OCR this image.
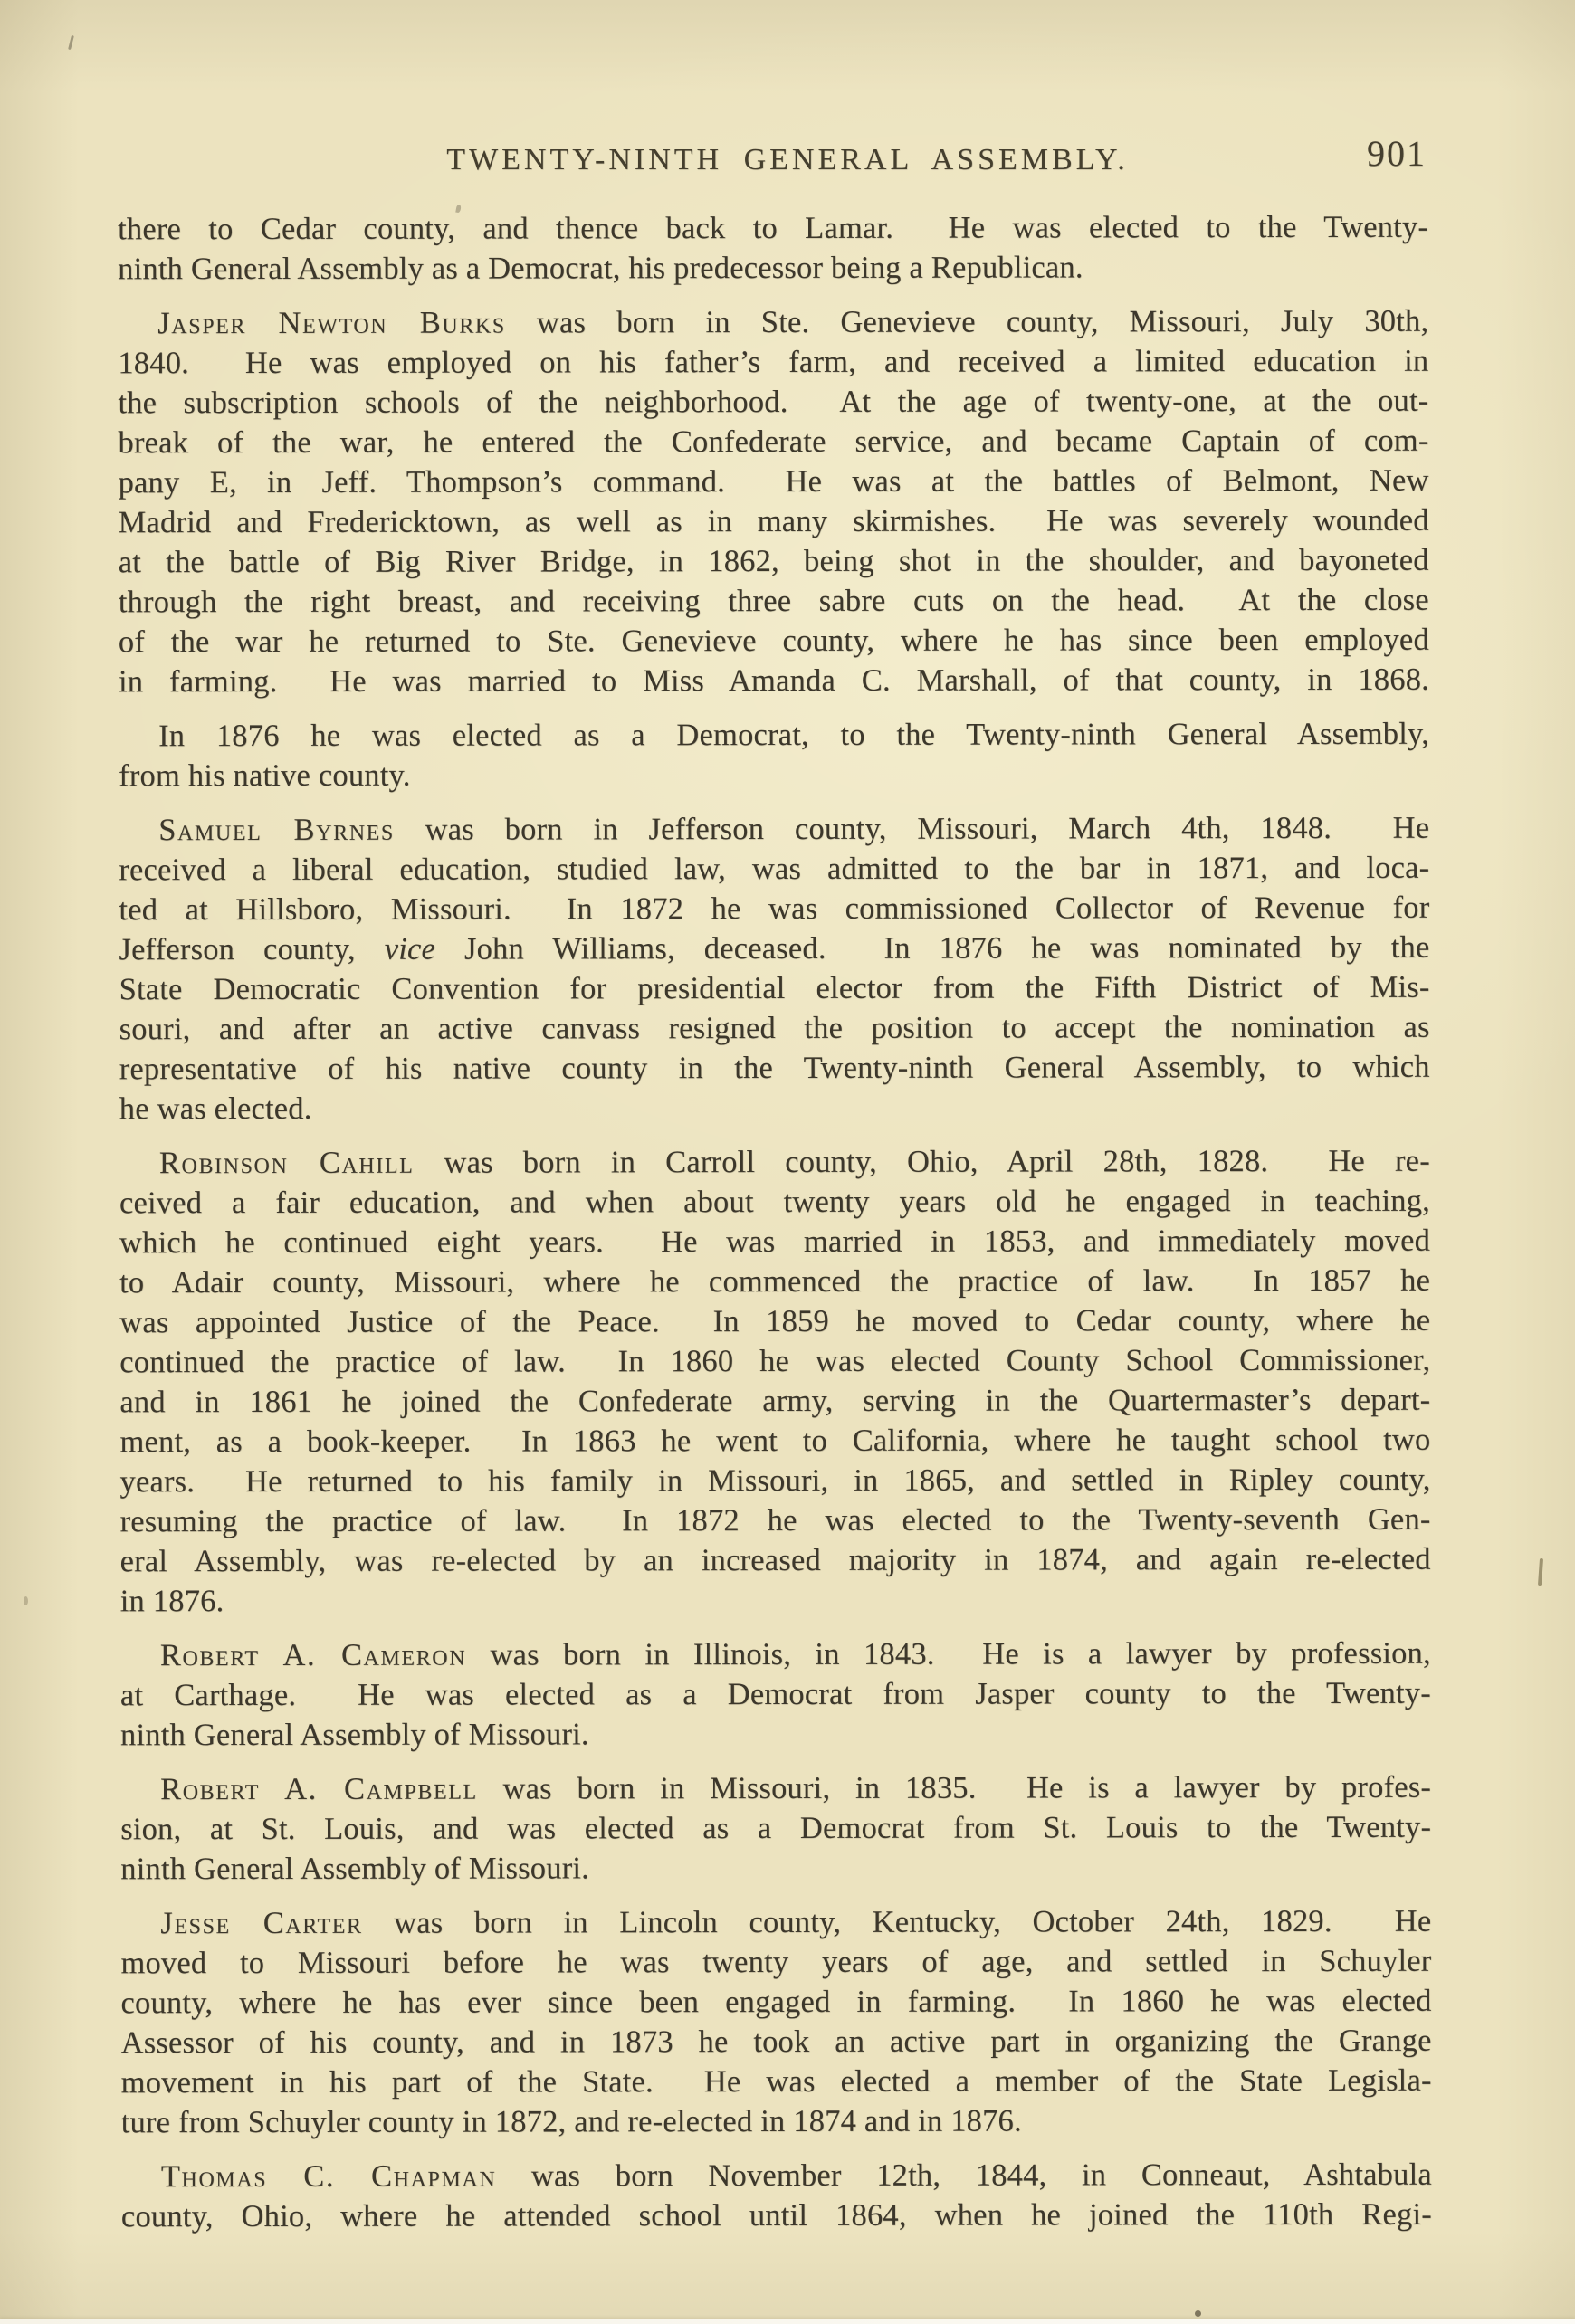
TWENTY-NINTH GENERAL ASSEMBLY.	901
there to Cedar county, and thence back to Lamar.  He was elected to the Twenty-
ninth General Assembly as a Democrat, his predecessor being a Republican.
Jasper Newton Burks was born in Ste. Genevieve county, Missouri, July 30th,
1840.  He was employed on his father’s farm, and received a limited education in
the subscription schools of the neighborhood.  At the age of twenty-one, at the out-
break of the war, he entered the Confederate service, and became Captain of com-
pany E, in Jeff. Thompson’s command.  He was at the battles of Belmont, New
Madrid and Fredericktown, as well as in many skirmishes.  He was severely wounded
at the battle of Big River Bridge, in 1862, being shot in the shoulder, and bayoneted
through the right breast, and receiving three sabre cuts on the head.  At the close
of the war he returned to Ste. Genevieve county, where he has since been employed
in farming.  He was married to Miss Amanda C. Marshall, of that county, in 1868.
In 1876 he was elected as a Democrat, to the Twenty-ninth General Assembly,
from his native county.
Samuel Byrnes was born in Jefferson county, Missouri, March 4th, 1848.  He
received a liberal education, studied law, was admitted to the bar in 1871, and loca-
ted at Hillsboro, Missouri.  In 1872 he was commissioned Collector of Revenue for
Jefferson county, vice John Williams, deceased.  In 1876 he was nominated by the
State Democratic Convention for presidential elector from the Fifth District of Mis-
souri, and after an active canvass resigned the position to accept the nomination as
representative of his native county in the Twenty-ninth General Assembly, to which
he was elected.
Robinson Cahill was born in Carroll county, Ohio, April 28th, 1828.  He re-
ceived a fair education, and when about twenty years old he engaged in teaching,
which he continued eight years.  He was married in 1853, and immediately moved
to Adair county, Missouri, where he commenced the practice of law.  In 1857 he
was appointed Justice of the Peace.  In 1859 he moved to Cedar county, where he
continued the practice of law.  In 1860 he was elected County School Commissioner,
and in 1861 he joined the Confederate army, serving in the Quartermaster’s depart-
ment, as a book-keeper.  In 1863 he went to California, where he taught school two
years.  He returned to his family in Missouri, in 1865, and settled in Ripley county,
resuming the practice of law.  In 1872 he was elected to the Twenty-seventh Gen-
eral Assembly, was re-elected by an increased majority in 1874, and again re-elected
in 1876.
Robert A. Cameron was born in Illinois, in 1843.  He is a lawyer by profession,
at Carthage.  He was elected as a Democrat from Jasper county to the Twenty-
ninth General Assembly of Missouri.
Robert A. Campbell was born in Missouri, in 1835.  He is a lawyer by profes-
sion, at St. Louis, and was elected as a Democrat from St. Louis to the Twenty-
ninth General Assembly of Missouri.
Jesse Carter was born in Lincoln county, Kentucky, October 24th, 1829.  He
moved to Missouri before he was twenty years of age, and settled in Schuyler
county, where he has ever since been engaged in farming.  In 1860 he was elected
Assessor of his county, and in 1873 he took an active part in organizing the Grange
movement in his part of the State.  He was elected a member of the State Legisla-
ture from Schuyler county in 1872, and re-elected in 1874 and in 1876.
Thomas C. Chapman was born November 12th, 1844, in Conneaut, Ashtabula
county, Ohio, where he attended school until 1864, when he joined the 110th Regi-
